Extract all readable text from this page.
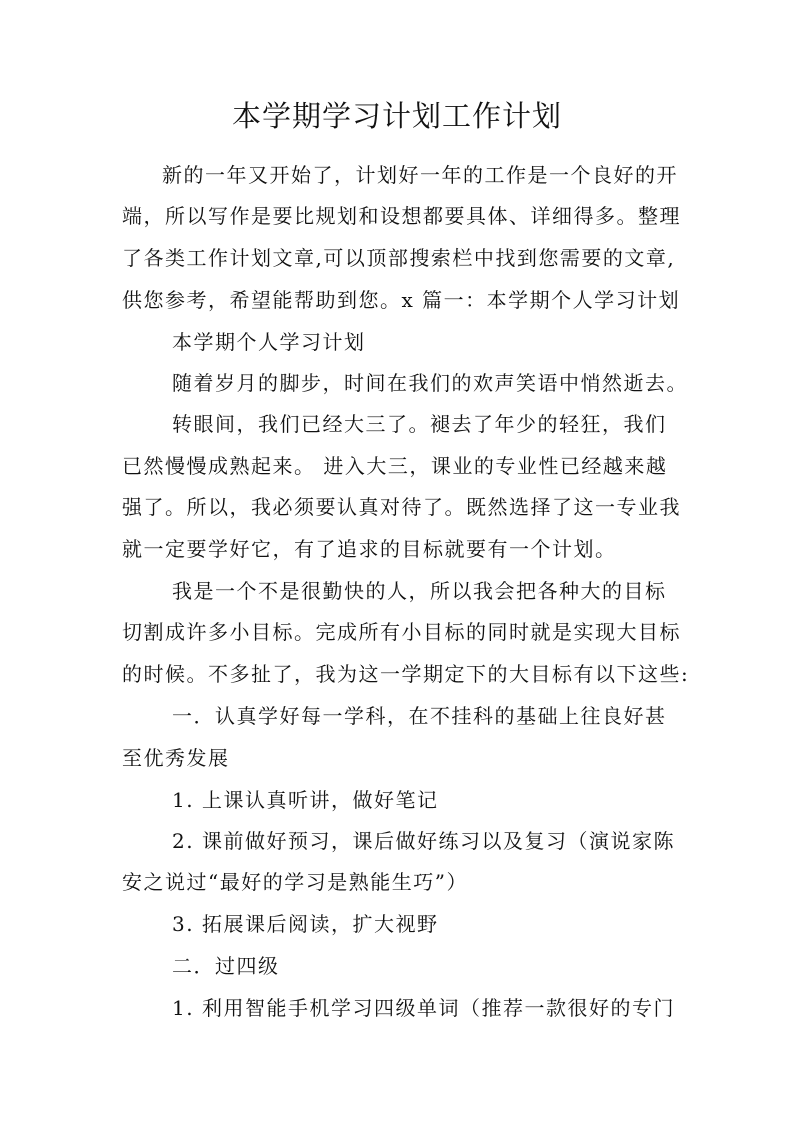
本学期学习计划工作计划
新的一年又开始了，计划好一年的工作是一个良好的开
端，所以写作是要比规划和设想都要具体、详细得多。整理
了各类工作计划文章,可以顶部搜索栏中找到您需要的文章,
供您参考，希望能帮助到您。x 篇一：本学期个人学习计划
本学期个人学习计划
随着岁月的脚步，时间在我们的欢声笑语中悄然逝去。
转眼间，我们已经大三了。褪去了年少的轻狂，我们
已然慢慢成熟起来。 进入大三，课业的专业性已经越来越
强了。所以，我必须要认真对待了。既然选择了这一专业我
就一定要学好它，有了追求的目标就要有一个计划。
我是一个不是很勤快的人，所以我会把各种大的目标
切割成许多小目标。完成所有小目标的同时就是实现大目标
的时候。不多扯了，我为这一学期定下的大目标有以下这些:
一．认真学好每一学科，在不挂科的基础上往良好甚
至优秀发展
1. 上课认真听讲，做好笔记
2. 课前做好预习，课后做好练习以及复习（演说家陈
安之说过“最好的学习是熟能生巧”）
3. 拓展课后阅读，扩大视野
二．过四级
1. 利用智能手机学习四级单词（推荐一款很好的专门
